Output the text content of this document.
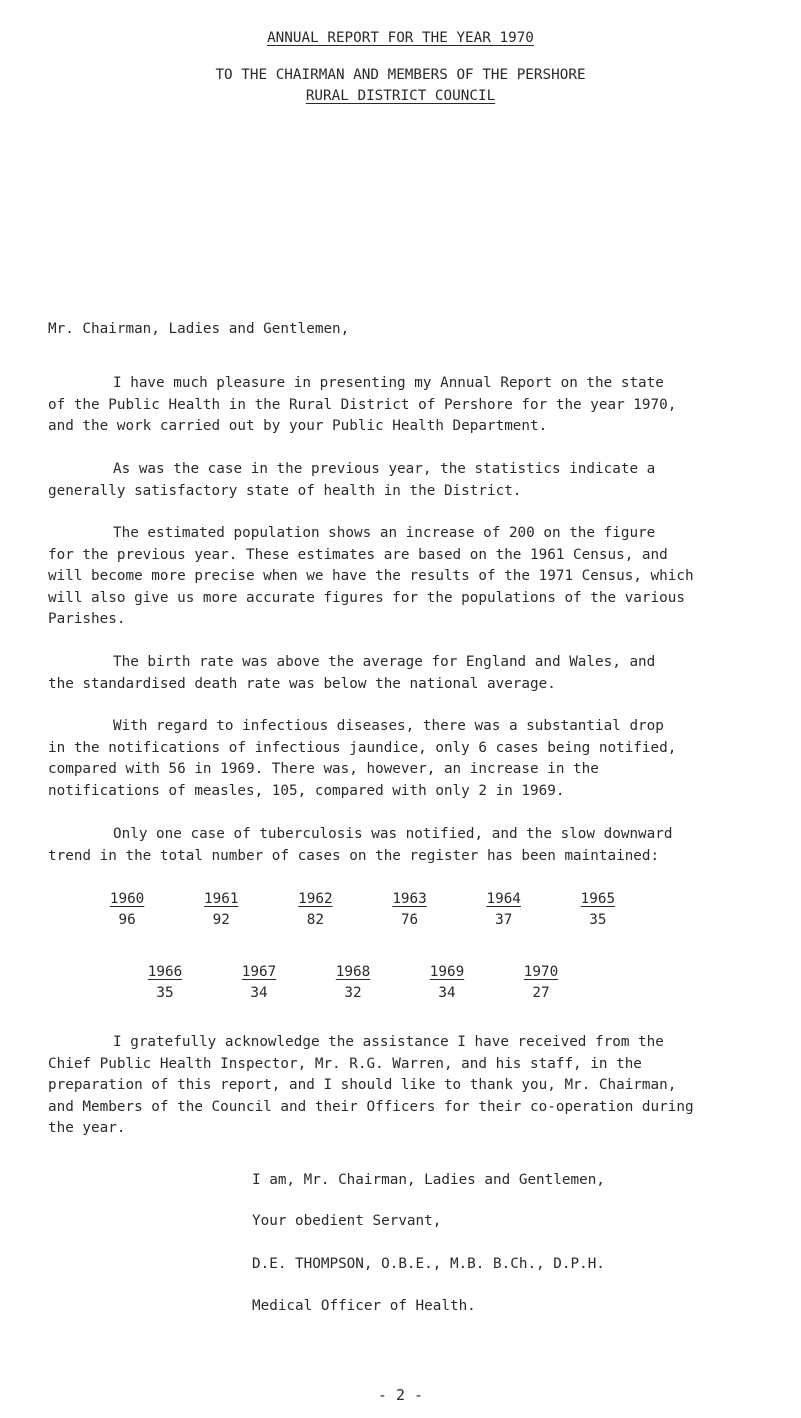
ANNUAL REPORT FOR THE YEAR 1970
TO THE CHAIRMAN AND MEMBERS OF THE PERSHORE
RURAL DISTRICT COUNCIL

Mr. Chairman, Ladies and Gentlemen,

I have much pleasure in presenting my Annual Report on the state
of the Public Health in the Rural District of Pershore for the year 1970,
and the work carried out by your Public Health Department.

As was the case in the previous year, the statistics indicate a
generally satisfactory state of health in the District.

The estimated population shows an increase of 200 on the figure
for the previous year. These estimates are based on the 1961 Census, and
will become more precise when we have the results of the 1971 Census, which
will also give us more accurate figures for the populations of the various
Parishes.

The birth rate was above the average for England and Wales, and
the standardised death rate was below the national average.

With regard to infectious diseases, there was a substantial drop
in the notifications of infectious jaundice, only 6 cases being notified,
compared with 56 in 1969. There was, however, an increase in the
notifications of measles, 105, compared with only 2 in 1969.

Only one case of tuberculosis was notified, and the slow downward
trend in the total number of cases on the register has been maintained:

1960	1961	1962	1963	1964	1965
96	92	82	76	37	35
1966	1967	1968	1969	1970
35	34	32	34	27

I gratefully acknowledge the assistance I have received from the
Chief Public Health Inspector, Mr. R.G. Warren, and his staff, in the
preparation of this report, and I should like to thank you, Mr. Chairman,
and Members of the Council and their Officers for their co-operation during
the year.

I am, Mr. Chairman, Ladies and Gentlemen,

Your obedient Servant,

D.E. THOMPSON, O.B.E., M.B. B.Ch., D.P.H.

Medical Officer of Health.

- 2 -
